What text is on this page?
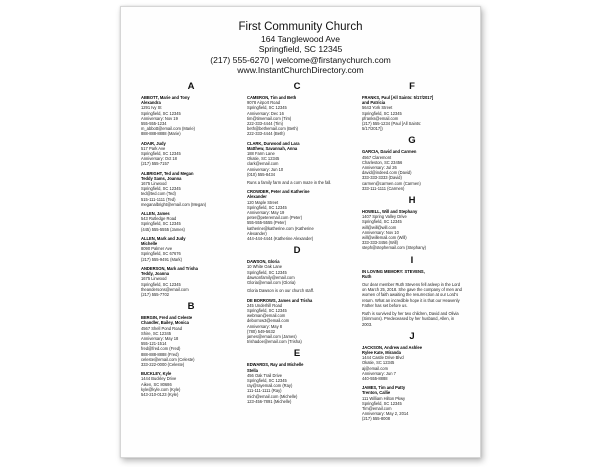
First Community Church
164 Tanglewood Ave
Springfield, SC 12345
(217) 555-6270 | welcome@firstanychurch.com
www.InstantChurchDirectory.com
A
ABBOTT, Marie and Tony
Alexandra
1291 Ivy St
Springfield, SC 12345
Anniversary: Nov 19
555-555-1234
m_abbott@email.com (Marie)
888-888-8888 (Marie)
ADAIR, Judy
517 Park Ave
Springfield, SC 12345
Anniversary: Oct 18
(217) 555-7157
ALBRIGHT, Ted and Megan
Teddy Sams, Joanna
1675 Linwood
Springfield, SC 12345
ted@ted.com (Ted)
515-111-1111 (Ted)
meganalbright@email.com (Megan)
ALLEN, James
543 Rutledge Road
Springfield, SC 12345
(445) 555-5555 (James)
ALLEN, Mark and Judy
Michelle
8090 Palmer Ave
Springfield, SC 67676
(217) 555-9491 (Mark)
ANDERSON, Mark and Trisha
Teddy, Joanna
1675 Linwood
Springfield, SC 12345
theandersons@email.com
(217) 555-7702
B
BERGIN, Fred and Celeste
Chandler, Bailey, Monica
4567 Shell Pond Road
Shire, SC 12345
Anniversary: May 18
555-121-1514
fred@fred.com (Fred)
888-888-8888 (Fred)
celeste@email.com (Celeste)
333-222-0000 (Celeste)
BUCKLEY, Kyle
1444 Buckley Drive
Aiken, SC 80686
kyle@kyle.com (Kyle)
543-210-0123 (Kyle)
C
CAMERON, Tim and Beth
9078 Airport Road
Springfield, SC 12345
Anniversary: Dec 16
tim@timemail.com (Tim)
222-333-4444 (Tim)
beth@bethemail.com (Beth)
222-333-4444 (Beth)
CLARK, Durwood and Lara
Matthew, Savannah, Anna
188 Farm Lane
Okatie, SC 12345
clark@email.com
Anniversary: Jun 10
(010) 555-8434
Runs a family farm and a corn maze in the fall.
CROWDER, Peter and Katherine
Alexander
120 Maple Street
Springfield, SC 12345
Anniversary: May 19
peter@peteremail.com (Peter)
555-555-5555 (Peter)
katherine@katherine.com (Katherine
Alexander)
444-444-4444 (Katherine Alexander)
D
DAWSON, Gloria
10 White Oak Lane
Springfield, SC 12345
dawsonfamily@email.com
Gloria@email.com (Gloria)
Gloria Dawson is on our church staff.
DE BORROWS, James and Trisha
245 Underhill Road
Springfield, SC 12345
webman@email.com
deborrow3@email.com
Anniversary: May 8
(780) 549-5632
james@email.com (James)
trishadoe@email.com (Trisha)
E
EDWARDS, Ray and Michelle
Stella
456 Oak Trail Drive
Springfield, SC 12345
ray@rayemail.com (Ray)
111-111-1111 (Ray)
mich@email.com (Michelle)
123-456-7891 (Michelle)
F
FRANKS, Paul [All Saints: 5/17/2017]
and Patricia
5643 York Street
Springfield, SC 12345
pfranks@email.com
(217) 555-1234 (Paul [All Saints:
5/17/2017])
G
GARCIA, David and Carmen
4567 Claremont
Charleston, SC 23456
Anniversary: Jul 26
david@indeed.com (David)
333-333-3333 (David)
carmen@carmen.com (Carmen)
333-111-1111 (Carmen)
H
HOWELL, Will and Stephany
1407 Spring Valley Drive
Springfield, SC 12345
will@will@will.com
Anniversary: Nov 10
will@willemail.com (Will)
333-333-3456 (Will)
steph@stephemail.com (Stephany)
I
IN LOVING MEMORY: STEVENS,
Ruth
Our dear member Ruth Stevens fell asleep in the Lord on March 25, 2018. She gave the company of men and women of faith awaiting the resurrection at our Lord's return. What an incredible hope it is that our Heavenly Father has set before us.
Ruth is survived by her two children, David and Olivia (Simmons). Predeceased by her husband, Allen, in 2003.
J
JACKSON, Andrew and Ashlee
Rylee Kate, Miranda
1444 Castle Drive Blvd
Okatie, SC 12345
aj@email.com
Anniversary: Jun 7
440-555-8888
JAMES, Tim and Patty
Trenton, Callie
111 William Hilton Pkwy
Springfield, SC 12345
Tim@email.com
Anniversary: May 2, 2014
(217) 555-8008
